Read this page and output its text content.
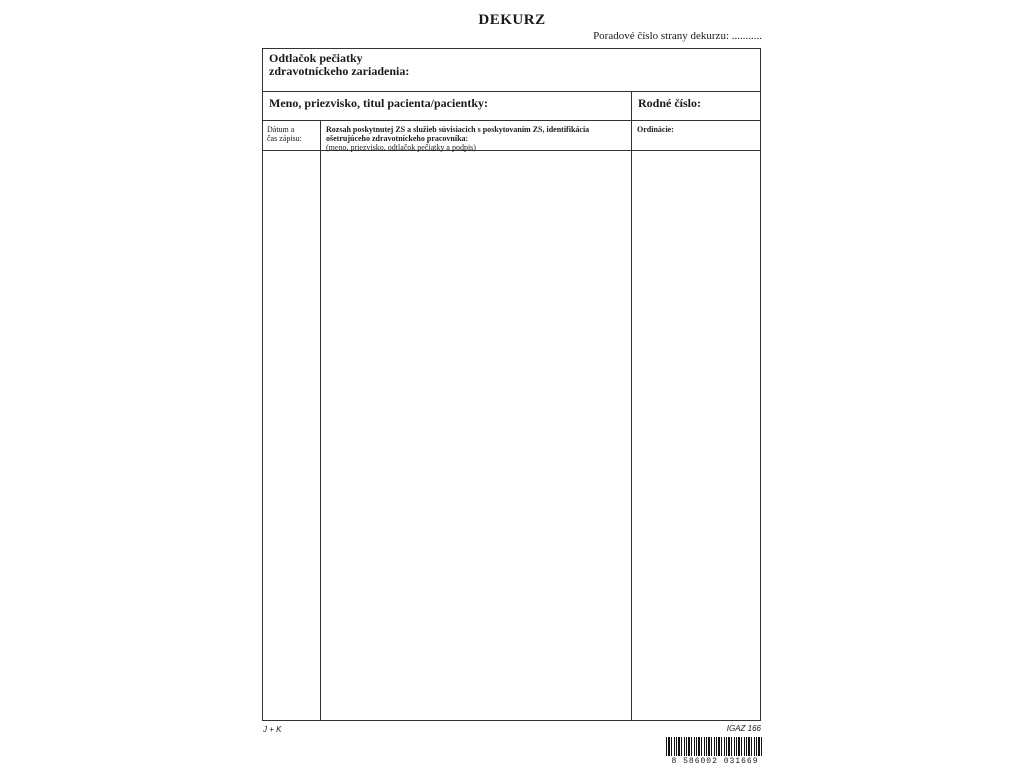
DEKURZ
Poradové číslo strany dekurzu: ...........
Odtlačok pečiatky
zdravotníckeho zariadenia:
Meno, priezvisko, titul pacienta/pacientky:	Rodné číslo:
Dátum a
čas zápisu:
Rozsah poskytnutej ZS a služieb súvisiacich s poskytovaním ZS, identifikácia ošetrujúceho zdravotníckeho pracovníka:
(meno, priezvisko, odtlačok pečiatky a podpis)
Ordinácie:
J + K	IGAZ 166
8 586002 031669
